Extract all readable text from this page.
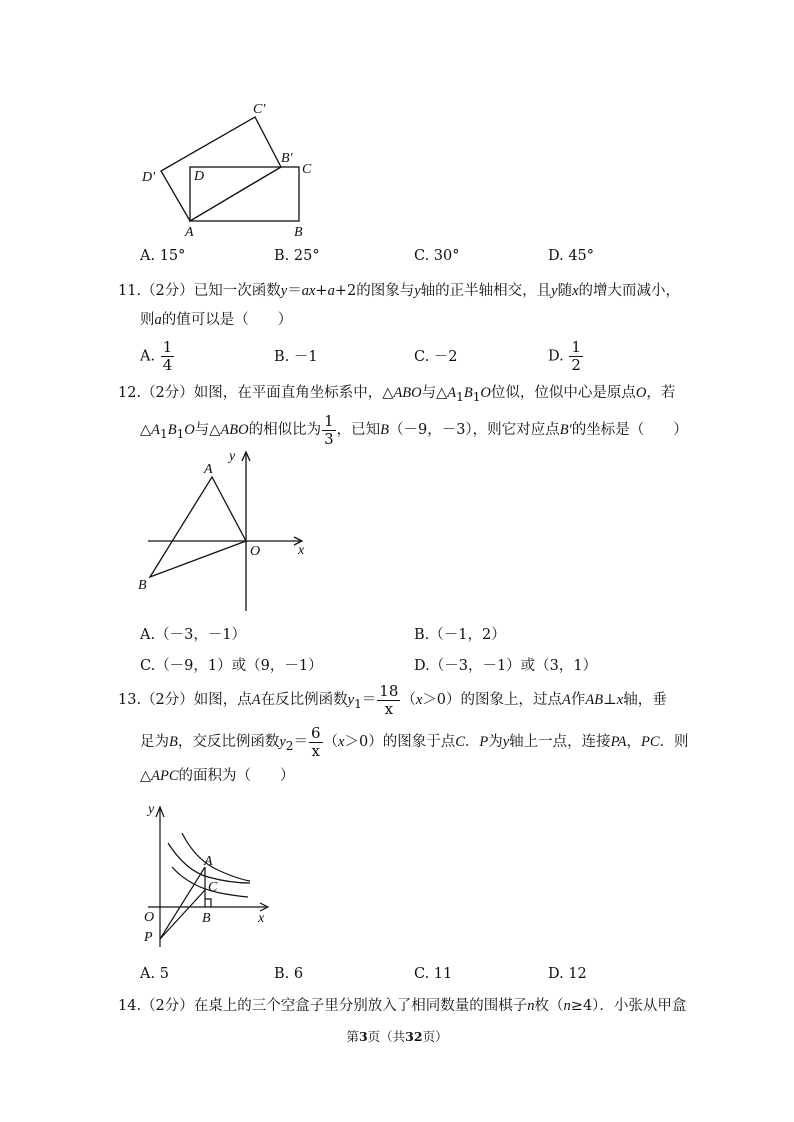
C′
B′
C
D′	D
A	B
A. 15°	B. 25°	C. 30°	D. 45°
11.（2分）已知一次函数y＝ax+a+2的图象与y轴的正半轴相交，且y随x的增大而减小，
则a的值可以是（　　）
A. $\frac{1}{4}$	B. －1	C. －2	D. $\frac{1}{2}$
12.（2分）如图，在平面直角坐标系中，△ABO与$\triangle A_1B_1O$位似，位似中心是原点O，若
$\triangle A_1B_1O$与△ABO的相似比为 $\frac{1}{3}$ ，已知B（－9，－3），则它对应点B′的坐标是（　　）
y
A
O	x
B
A.（－3，－1）	B.（－1，2）
C.（－9，1）或（9，－1）	D.（－3，－1）或（3，1）
13.（2分）如图，点A在反比例函数$y_1= \frac{18}{x} (x>0)$的图象上，过点A作AB⊥x轴，垂
足为B，交反比例函数$y_2= \frac{6}{x} (x>0)$的图象于点C．P为y轴上一点，连接PA，PC．则
△APC的面积为（　　）
y
A
C
O	B	x
P
A. 5	B. 6	C. 11	D. 12
14.（2分）在桌上的三个空盒子里分别放入了相同数量的围棋子n枚（n≥4）．小张从甲盒
第3页（共32页）
